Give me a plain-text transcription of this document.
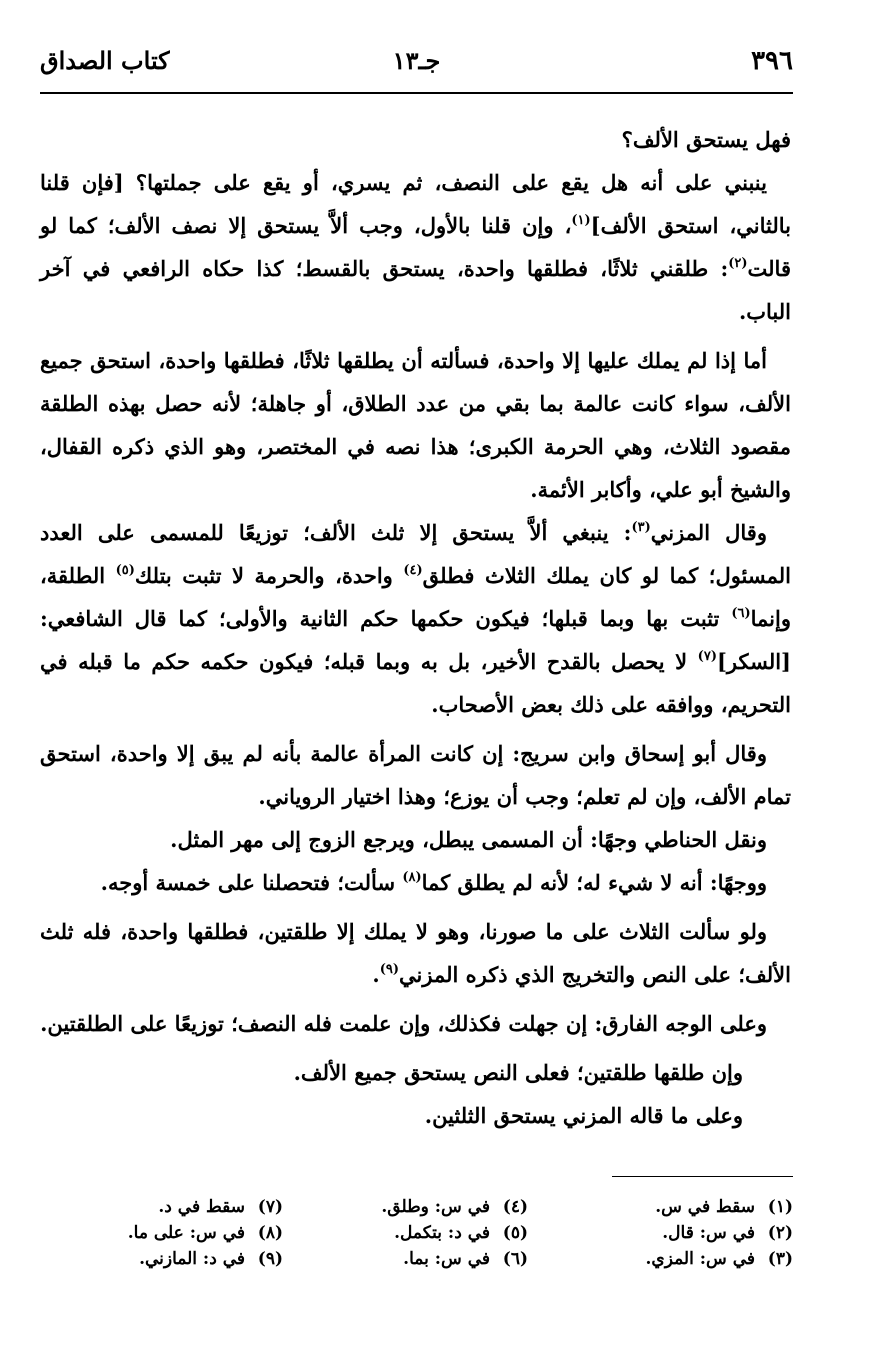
٣٩٦
جـ١٣
كتاب الصداق

فهل يستحق الألف؟

ينبني على أنه هل يقع على النصف، ثم يسري، أو يقع على جملتها؟ [فإن قلنا بالثاني، استحق الألف]$^{(١)}$، وإن قلنا بالأول، وجب ألاَّ يستحق إلا نصف الألف؛ كما لو قالت$^{(٢)}$: طلقني ثلاثًا، فطلقها واحدة، يستحق بالقسط؛ كذا حكاه الرافعي في آخر الباب.

أما إذا لم يملك عليها إلا واحدة، فسألته أن يطلقها ثلاثًا، فطلقها واحدة، استحق جميع الألف، سواء كانت عالمة بما بقي من عدد الطلاق، أو جاهلة؛ لأنه حصل بهذه الطلقة مقصود الثلاث، وهي الحرمة الكبرى؛ هذا نصه في المختصر، وهو الذي ذكره القفال، والشيخ أبو علي، وأكابر الأئمة.

وقال المزني$^{(٣)}$: ينبغي ألاَّ يستحق إلا ثلث الألف؛ توزيعًا للمسمى على العدد المسئول؛ كما لو كان يملك الثلاث فطلق$^{(٤)}$ واحدة، والحرمة لا تثبت بتلك$^{(٥)}$ الطلقة، وإنما$^{(٦)}$ تثبت بها وبما قبلها؛ فيكون حكمها حكم الثانية والأولى؛ كما قال الشافعي: [السكر]$^{(٧)}$ لا يحصل بالقدح الأخير، بل به وبما قبله؛ فيكون حكمه حكم ما قبله في التحريم، ووافقه على ذلك بعض الأصحاب.

وقال أبو إسحاق وابن سريج: إن كانت المرأة عالمة بأنه لم يبق إلا واحدة، استحق تمام الألف، وإن لم تعلم؛ وجب أن يوزع؛ وهذا اختيار الروياني.

ونقل الحناطي وجهًا: أن المسمى يبطل، ويرجع الزوج إلى مهر المثل.

ووجهًا: أنه لا شيء له؛ لأنه لم يطلق كما$^{(٨)}$ سألت؛ فتحصلنا على خمسة أوجه.

ولو سألت الثلاث على ما صورنا، وهو لا يملك إلا طلقتين، فطلقها واحدة، فله ثلث الألف؛ على النص والتخريج الذي ذكره المزني$^{(٩)}$.

وعلى الوجه الفارق: إن جهلت فكذلك، وإن علمت فله النصف؛ توزيعًا على الطلقتين.

وإن طلقها طلقتين؛ فعلى النص يستحق جميع الألف.

وعلى ما قاله المزني يستحق الثلثين.

(١)سقط في س.
(٢)في س: قال.
(٣)في س: المزي.
(٤)في س: وطلق.
(٥)في د: بتكمل.
(٦)في س: بما.
(٧)سقط في د.
(٨)في س: على ما.
(٩)في د: المازني.
